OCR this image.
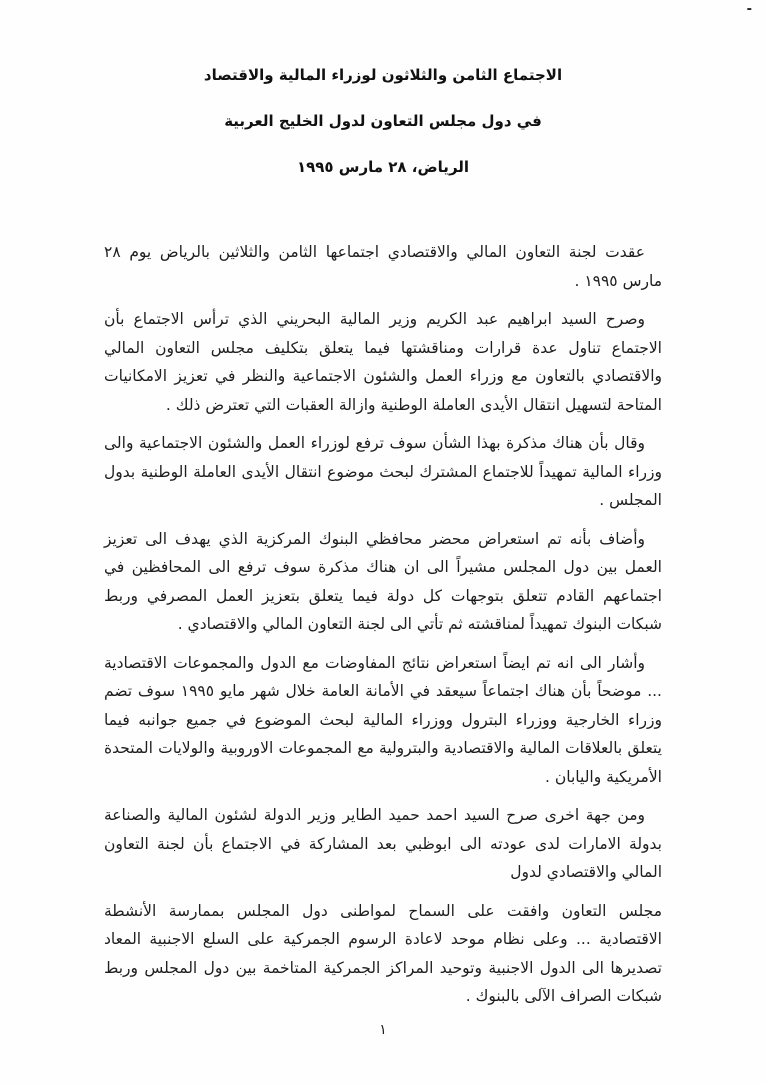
-
الاجتماع الثامن والثلاثون لوزراء المالية والاقتصاد
في دول مجلس التعاون لدول الخليج العربية
الرياض، ٢٨ مارس ١٩٩٥

عقدت لجنة التعاون المالي والاقتصادي اجتماعها الثامن والثلاثين بالرياض يوم ٢٨ مارس ١٩٩٥ .

وصرح السيد ابراهيم عبد الكريم وزير المالية البحريني الذي ترأس الاجتماع بأن الاجتماع تناول عدة قرارات ومناقشتها فيما يتعلق بتكليف مجلس التعاون المالي والاقتصادي بالتعاون مع وزراء العمل والشئون الاجتماعية والنظر في تعزيز الامكانيات المتاحة لتسهيل انتقال الأيدى العاملة الوطنية وازالة العقبات التي تعترض ذلك .

وقال بأن هناك مذكرة بهذا الشأن سوف ترفع لوزراء العمل والشئون الاجتماعية والى وزراء المالية تمهيداً للاجتماع المشترك لبحث موضوع انتقال الأيدى العاملة الوطنية بدول المجلس .

وأضاف بأنه تم استعراض محضر محافظي البنوك المركزية الذي يهدف الى تعزيز العمل بين دول المجلس مشيراً الى ان هناك مذكرة سوف ترفع الى المحافظين في اجتماعهم القادم تتعلق بتوجهات كل دولة فيما يتعلق بتعزيز العمل المصرفي وربط شبكات البنوك تمهيداً لمناقشته ثم تأتي الى لجنة التعاون المالي والاقتصادي .

وأشار الى انه تم ايضاً استعراض نتائج المفاوضات مع الدول والمجموعات الاقتصادية ... موضحاً بأن هناك اجتماعاً سيعقد في الأمانة العامة خلال شهر مايو ١٩٩٥ سوف تضم وزراء الخارجية ووزراء البترول ووزراء المالية لبحث الموضوع في جميع جوانبه فيما يتعلق بالعلاقات المالية والاقتصادية والبترولية مع المجموعات الاوروبية والولايات المتحدة الأمريكية واليابان .

ومن جهة اخرى صرح السيد احمد حميد الطاير وزير الدولة لشئون المالية والصناعة بدولة الامارات لدى عودته الى ابوظبي بعد المشاركة في الاجتماع بأن لجنة التعاون المالي والاقتصادي لدول

مجلس التعاون وافقت على السماح لمواطنى دول المجلس بممارسة الأنشطة الاقتصادية ... وعلى نظام موحد لاعادة الرسوم الجمركية على السلع الاجنبية المعاد تصديرها الى الدول الاجنبية وتوحيد المراكز الجمركية المتاخمة بين دول المجلس وربط شبكات الصراف الآلى بالبنوك .

١
